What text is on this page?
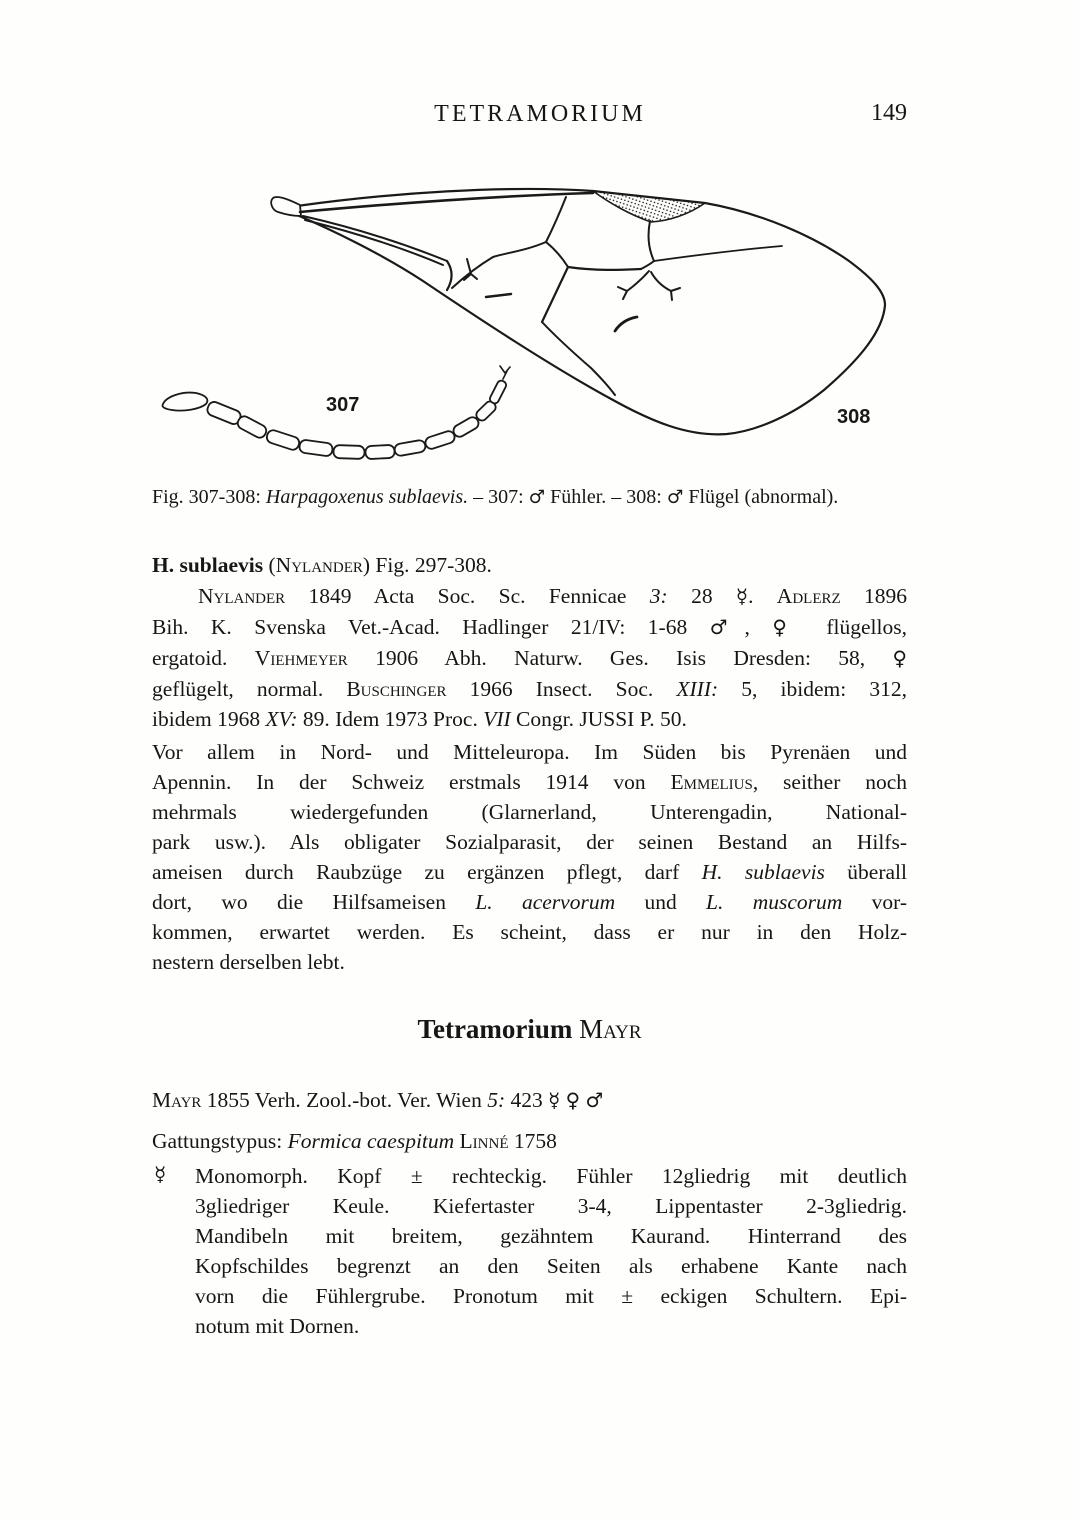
TETRAMORIUM	149
307
308
Fig. 307-308: Harpagoxenus sublaevis. – 307: ♂ Fühler. – 308: ♂ Flügel (abnormal).
H. sublaevis (Nylander) Fig. 297-308.
Nylander 1849 Acta Soc. Sc. Fennicae 3: 28 ☿. Adlerz 1896
Bih. K. Svenska Vet.-Acad. Hadlinger 21/IV: 1-68 ♂, ♀ flügellos,
ergatoid. Viehmeyer 1906 Abh. Naturw. Ges. Isis Dresden: 58, ♀
geflügelt, normal. Buschinger 1966 Insect. Soc. XIII: 5, ibidem: 312,
ibidem 1968 XV: 89. Idem 1973 Proc. VII Congr. JUSSI P. 50.
Vor allem in Nord- und Mitteleuropa. Im Süden bis Pyrenäen und
Apennin. In der Schweiz erstmals 1914 von Emmelius, seither noch
mehrmals wiedergefunden (Glarnerland, Unterengadin, National-
park usw.). Als obligater Sozialparasit, der seinen Bestand an Hilfs-
ameisen durch Raubzüge zu ergänzen pflegt, darf H. sublaevis überall
dort, wo die Hilfsameisen L. acervorum und L. muscorum vor-
kommen, erwartet werden. Es scheint, dass er nur in den Holz-
nestern derselben lebt.
Tetramorium Mayr
Mayr 1855 Verh. Zool.-bot. Ver. Wien 5: 423 ☿ ♀ ♂
Gattungstypus: Formica caespitum Linné 1758
☿ Monomorph. Kopf ± rechteckig. Fühler 12gliedrig mit deutlich
3gliedriger Keule. Kiefertaster 3-4, Lippentaster 2-3gliedrig.
Mandibeln mit breitem, gezähntem Kaurand. Hinterrand des
Kopfschildes begrenzt an den Seiten als erhabene Kante nach
vorn die Fühlergrube. Pronotum mit ± eckigen Schultern. Epi-
notum mit Dornen.
